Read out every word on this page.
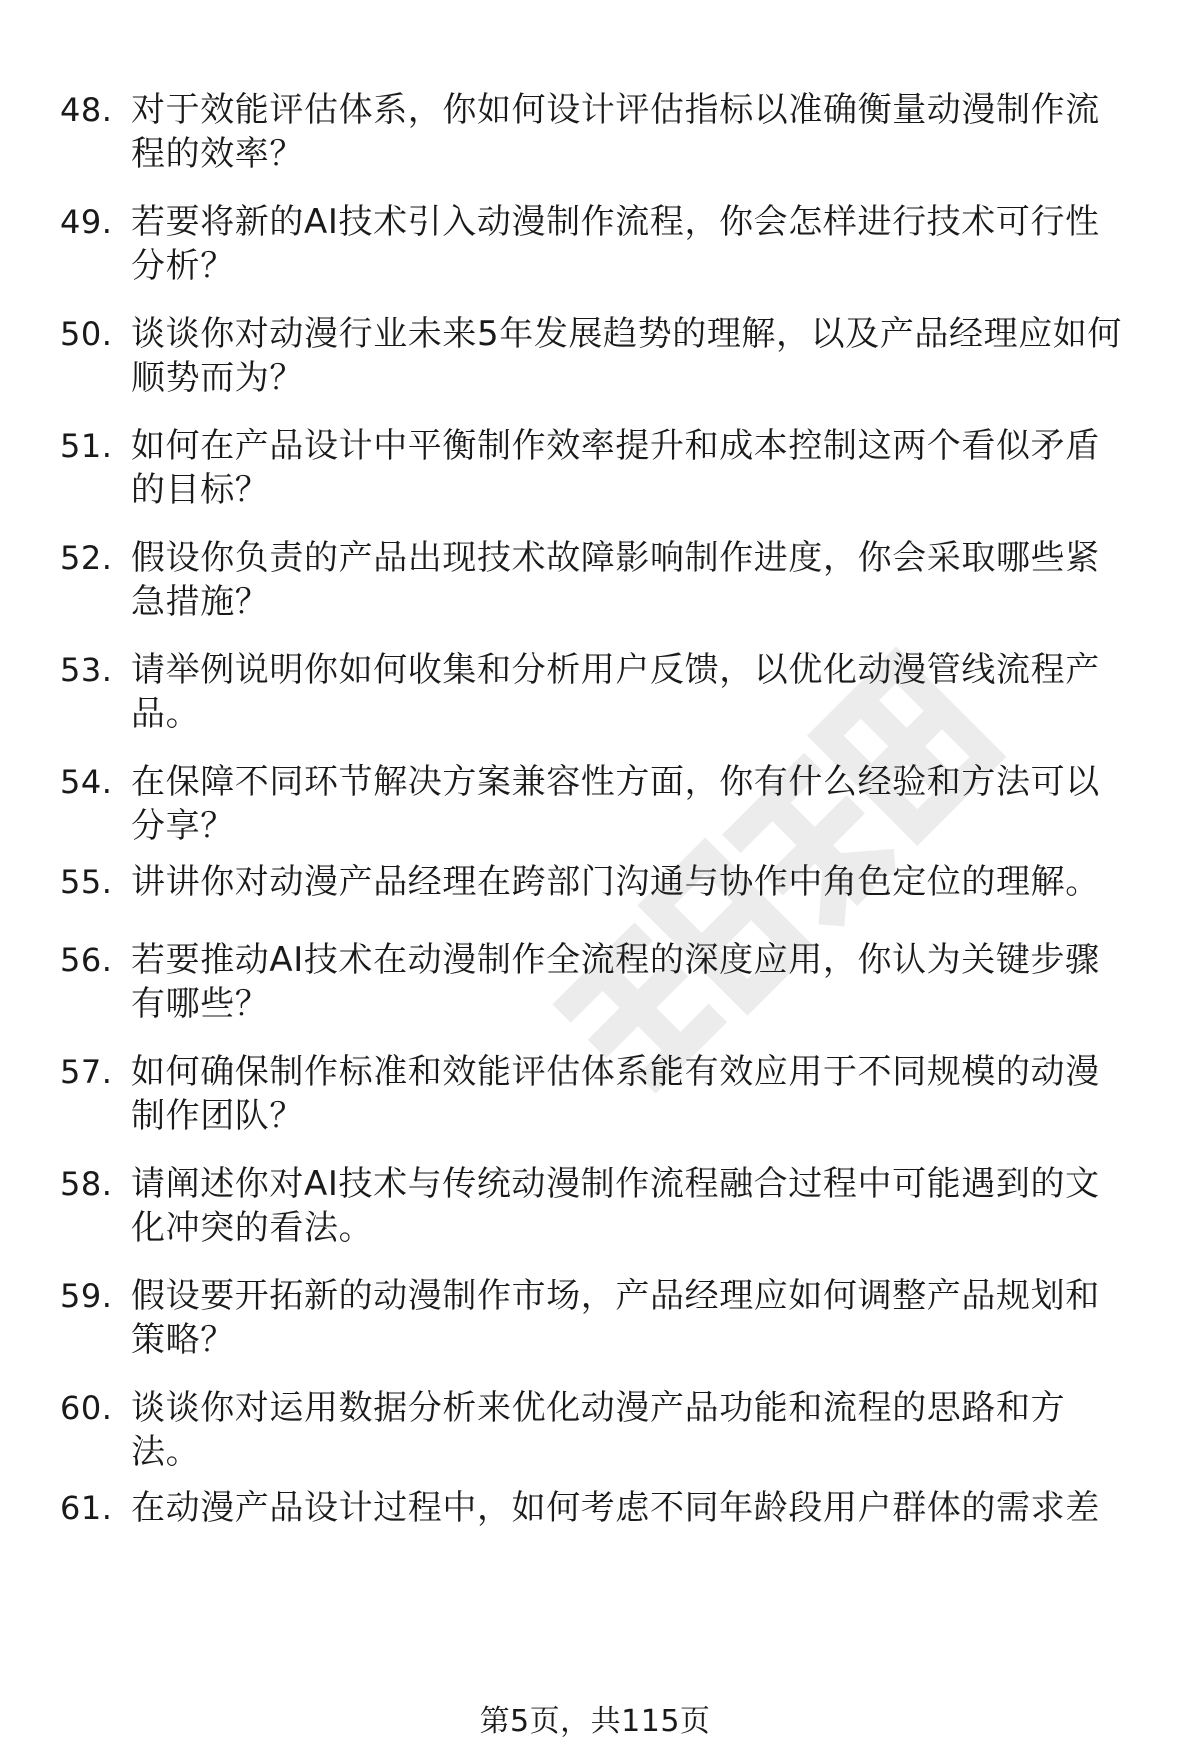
48. 对于效能评估体系，你如何设计评估指标以准确衡量动漫制作流
程的效率？
49. 若要将新的AI技术引入动漫制作流程，你会怎样进行技术可行性
分析？
50. 谈谈你对动漫行业未来5年发展趋势的理解，以及产品经理应如何
顺势而为？
51. 如何在产品设计中平衡制作效率提升和成本控制这两个看似矛盾
的目标？
52. 假设你负责的产品出现技术故障影响制作进度，你会采取哪些紧
急措施？
53. 请举例说明你如何收集和分析用户反馈，以优化动漫管线流程产
品。
54. 在保障不同环节解决方案兼容性方面，你有什么经验和方法可以
分享？
55. 讲讲你对动漫产品经理在跨部门沟通与协作中角色定位的理解。
56. 若要推动AI技术在动漫制作全流程的深度应用，你认为关键步骤
有哪些？
57. 如何确保制作标准和效能评估体系能有效应用于不同规模的动漫
制作团队？
58. 请阐述你对AI技术与传统动漫制作流程融合过程中可能遇到的文
化冲突的看法。
59. 假设要开拓新的动漫制作市场，产品经理应如何调整产品规划和
策略？
60. 谈谈你对运用数据分析来优化动漫产品功能和流程的思路和方
法。
61. 在动漫产品设计过程中，如何考虑不同年龄段用户群体的需求差
第5页，共115页
